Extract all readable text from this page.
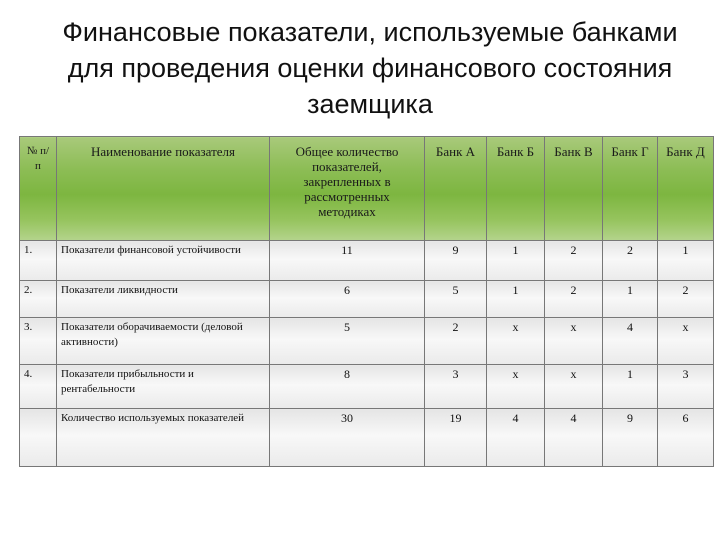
Финансовые показатели, используемые банками для проведения оценки финансового состояния заемщика
№ п/п	Наименование показателя	Общее количество показателей, закрепленных в рассмотренных методиках	Банк А	Банк Б	Банк В	Банк Г	Банк Д
1.	Показатели финансовой устойчивости	11	9	1	2	2	1
2.	Показатели ликвидности	6	5	1	2	1	2
3.	Показатели оборачиваемости (деловой активности)	5	2	х	х	4	х
4.	Показатели прибыльности и рентабельности	8	3	х	х	1	3
	Количество используемых показателей	30	19	4	4	9	6
